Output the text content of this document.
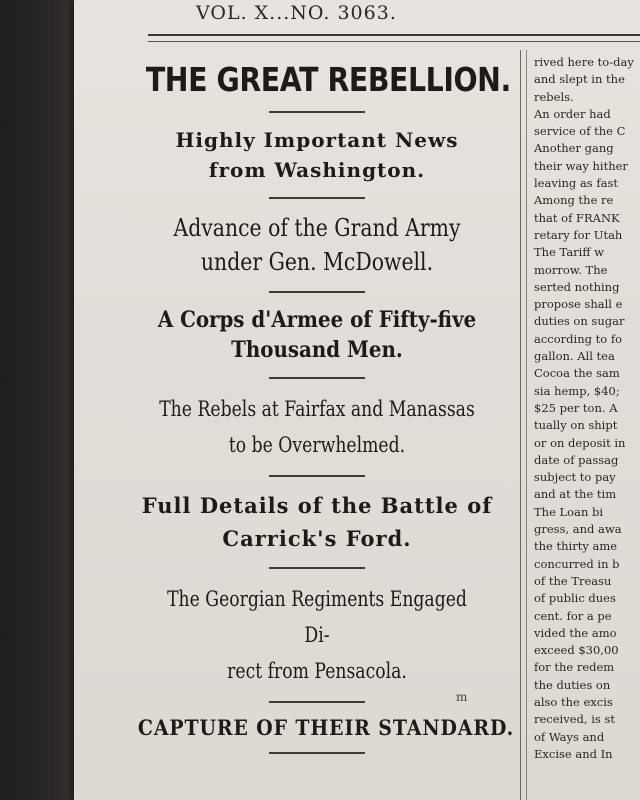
VOL. X...NO. 3063.
THE GREAT REBELLION.
Highly Important News
from Washington.
Advance of the Grand Army
under Gen. McDowell.
A Corps d'Armee of Fifty-five
Thousand Men.
The Rebels at Fairfax and Manassas
to be Overwhelmed.
Full Details of the Battle of
Carrick's Ford.
The Georgian Regiments Engaged Di-
rect from Pensacola.
CAPTURE OF THEIR STANDARD.
m
rived here to-day
and slept in the
rebels.
An order had
service of the C
Another gang
their way hither
leaving as fast
Among the re
that of FRANK
retary for Utah
The Tariff w
morrow. The
serted nothing
propose shall e
duties on sugar
according to fo
gallon. All tea
Cocoa the sam
sia hemp, $40;
$25 per ton. A
tually on shipt
or on deposit in
date of passag
subject to pay
and at the tim
The Loan bi
gress, and awa
the thirty ame
concurred in b
of the Treasu
of public dues
cent. for a pe
vided the amo
exceed $30,00
for the redem
the duties on
also the excis
received, is st
of Ways and
Excise and In
